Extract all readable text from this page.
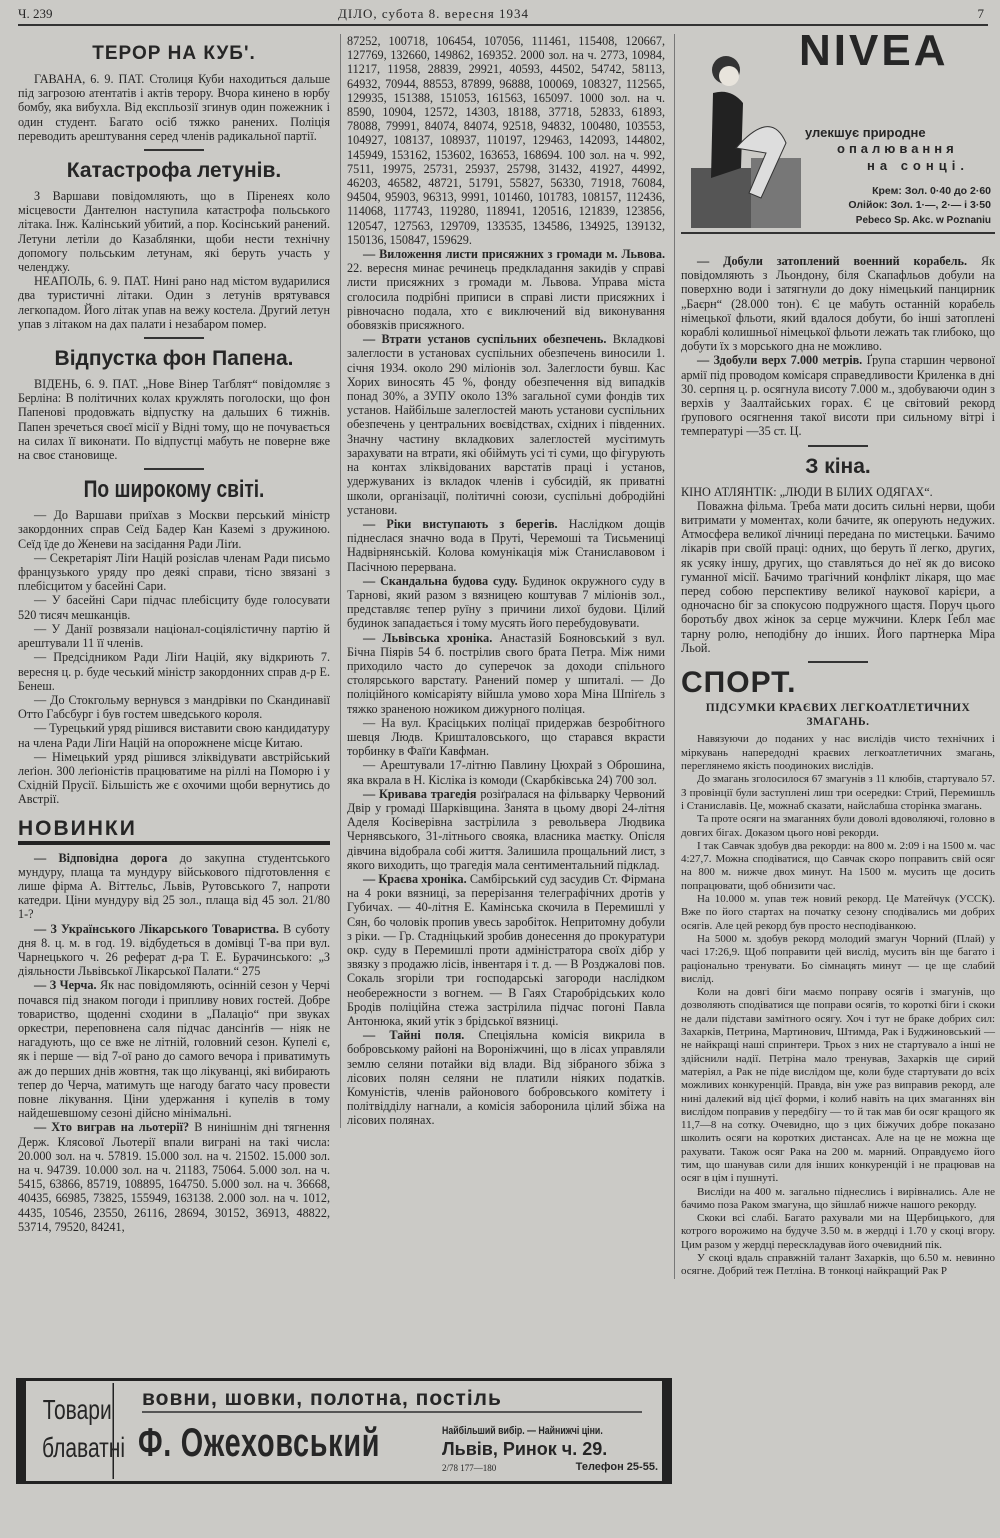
Ч. 239	ДІЛО, субота 8. вересня 1934	7
ТЕРОР НА КУБ'.

ГАВАНА, 6. 9. ПАТ. Столиця Куби находиться дальше під загрозою атентатів і актів терору. Вчора кинено в юрбу бомбу, яка вибухла. Від експльозії згинув один пожежник і один студент. Багато осіб тяжко ранених. Поліція переводить арештування серед членів радикальної партії.

Катастрофа летунів.

З Варшави повідомляють, що в Піренеях коло місцевости Дантелюн наступила катастрофа польського літака. Інж. Калінський убитий, а пор. Косінський ранений. Летуни летіли до Казаблянки, щоби нести технічну допомогу польським летунам, які беруть участь у челенджу.

НЕАПОЛЬ, 6. 9. ПАТ. Нині рано над містом вударилися два туристичні літаки. Один з летунів врятувався легкопадом. Його літак упав на вежу костела. Другий летун упав з літаком на дах палати і незабаром помер.

Відпустка фон Папена.

ВІДЕНЬ, 6. 9. ПАТ. „Нове Вінер Таґблят“ повідомляє з Берліна: В політичних колах кружлять поголоски, що фон Папенові продовжать відпустку на дальших 6 тижнів. Папен зречеться своєї місії у Відні тому, що не почувається на силах її виконати. По відпустці мабуть не поверне вже на своє становище.

По широкому світі.

— До Варшави приїхав з Москви перський міністр закордонних справ Сеїд Бадер Кан Каземі з дружиною. Сеїд їде до Женеви на засідання Ради Ліґи.

— Секретаріят Ліґи Націй розіслав членам Ради письмо французького уряду про деякі справи, тісно звязані з плебісцитом у басейні Сари.

— У басейні Сари підчас плебісциту буде голосувати 520 тисяч мешканців.

— У Данії розвязали націонал-соціялістичну партію й арештували 11 її членів.

— Предсідником Ради Ліґи Націй, яку відкриють 7. вересня ц. р. буде чеський міністр закордонних справ д-р Е. Бенеш.

— До Стокгольму вернувся з мандрівки по Скандинавії Отто Габсбург і був гостем шведського короля.

— Турецький уряд рішився виставити свою кандидатуру на члена Ради Ліґи Націй на опорожнене місце Китаю.

— Німецький уряд рішився зліквідувати австрійський леґіон. 300 леґіоністів працюватиме на ріллі на Поморю і у Східній Прусії. Більшість же є охочими щоби вернутись до Австрії.

НОВИНКИ

— Відповідна дорога до закупна студентського мундуру, плаща та мундуру військового підготовлення є лише фірма А. Віттельс, Львів, Рутовського 7, напроти катедри. Ціни мундуру від 25 зол., плаща від 45 зол. 21/80 1-?

— З Українського Лікарського Товариства. В суботу дня 8. ц. м. в год. 19. відбудеться в домівці Т-ва при вул. Чарнецького ч. 26 реферат д-ра Т. Е. Бурачинського: „З діяльности Львівської Лікарської Палати.“ 275

— З Черча. Як нас повідомляють, осінній сезон у Черчі почався під знаком погоди і припливу нових гостей. Добре товариство, щоденні сходини в „Палаціо“ при звуках оркестри, переповнена саля підчас дансінґів — ніяк не нагадують, що се вже не літній, головний сезон. Купелі є, як і перше — від 7-ої рано до самого вечора і приватимуть аж до перших днів жовтня, так що лікуванці, які вибирають тепер до Черча, матимуть ще нагоду багато часу провести повне лікування. Ціни удержання і купелів в тому найдешевшому сезоні дійсно мінімальні.

— Хто виграв на льотерії? В нинішнім дні тягнення Держ. Клясової Льотерії впали виграні на такі числа: 20.000 зол. на ч. 57819. 15.000 зол. на ч. 21502. 15.000 зол. на ч. 94739. 10.000 зол. на ч. 21183, 75064. 5.000 зол. на ч. 5415, 63866, 85719, 108895, 164750. 5.000 зол. на ч. 36668, 40435, 66985, 73825, 155949, 163138. 2.000 зол. на ч. 1012, 4435, 10546, 23550, 26116, 28694, 30152, 36913, 48822, 53714, 79520, 84241,

87252, 100718, 106454, 107056, 111461, 115408, 120667, 127769, 132660, 149862, 169352. 2000 зол. на ч. 2773, 10984, 11217, 11958, 28839, 29921, 40593, 44502, 54742, 58113, 64932, 70944, 88553, 87899, 96888, 100069, 108327, 112565, 129935, 151388, 151053, 161563, 165097. 1000 зол. на ч. 8590, 10904, 12572, 14303, 18188, 37718, 52833, 61893, 78088, 79991, 84074, 84074, 92518, 94832, 100480, 103553, 104927, 108137, 108937, 110197, 129463, 142093, 144802, 145949, 153162, 153602, 163653, 168694. 100 зол. на ч. 992, 7511, 19975, 25731, 25937, 25798, 31432, 41927, 44992, 46203, 46582, 48721, 51791, 55827, 56330, 71918, 76084, 94504, 95903, 96313, 9991, 101460, 101783, 108157, 112436, 114068, 117743, 119280, 118941, 120516, 121839, 123856, 120547, 127563, 129709, 133535, 134586, 134925, 139132, 150136, 150847, 159629.

— Виложення листи присяжних з громади м. Львова. 22. вересня минає речинець предкладання закидів у справі листи присяжних з громади м. Львова. Управа міста сголосила подрібні приписи в справі листи присяжних і рівночасно подала, хто є виключений від виконування обовязків присяжного.

— Втрати установ суспільних обезпечень. Вкладкові залеглости в установах суспільних обезпечень виносили 1. січня 1934. около 290 міліонів зол. Залеглости бувш. Кас Хорих виносять 45 %, фонду обезпечення від випадків понад 30%, а ЗУПУ около 13% загальної суми фондів тих установ. Найбільше залеглостей мають установи суспільних обезпечень у центральних воєвідствах, східних і південних. Значну частину вкладкових залеглостей мусітимуть зарахувати на втрати, які обіймуть усі ті суми, що фігурують на контах зліквідованих варстатів праці і установ, удержуваних із вкладок членів і субсидій, як приватні школи, організації, політичні союзи, суспільні добродійні установи.

— Ріки виступають з берегів. Наслідком дощів піднеслася значно вода в Пруті, Черемоші та Тисьмениці Надвірнянській. Колова комунікація між Станиславовом і Пасічною перервана.

— Скандальна будова суду. Будинок окружного суду в Тарнові, який разом з вязницею коштував 7 міліонів зол., представляє тепер руїну з причини лихої будови. Цілий будинок западається і тому мусять його перебудовувати.

— Львівська хроніка. Анастазій Бояновський з вул. Бічна Піярів 54 б. пострілив свого брата Петра. Між ними приходило часто до суперечок за доходи спільного столярського варстату. Ранений помер у шпиталі. — До поліційного комісаріяту війшла умово хора Міна Шпіґель з тяжко зраненою ножиком дижурного поліцая.

— На вул. Красіцьких поліцаї придержав безробітного шевця Людв. Кришталовського, що старався вкрасти торбинку в Фаїґи Кавфман.

— Арештували 17-літню Павлину Цюхрай з Оброшина, яка вкрала в Н. Кісліка із комоди (Скарбківська 24) 700 зол.

— Кривава трагедія розіґралася на фільварку Червоний Двір у громаді Шарківщина. Занята в цьому дворі 24-літня Аделя Косіверівна застрілила з револьвера Людвика Чернявського, 31-літнього свояка, власника маєтку. Опісля дівчина відобрала собі життя. Залишила прощальний лист, з якого виходить, що трагедія мала сентиментальний підклад.

— Краєва хроніка. Самбірський суд засудив Ст. Фірмана на 4 роки вязниці, за перерізання телеграфічних дротів у Губичах. — 40-літня Е. Камінська скочила в Перемишлі у Сян, бо чоловік пропив увесь заробіток. Непритомну добули з ріки. — Гр. Стадніцький зробив донесення до прокуратури окр. суду в Перемишлі проти адміністратора своїх дібр у звязку з продажю лісів, інвентаря і т. д. — В Розджалові пов. Сокаль згоріли три господарські загороди наслідком необережности з вогнем. — В Гаях Старобрідських коло Бродів поліційна стежа застрілила підчас погоні Павла Антонюка, який утік з брідської вязниці.

— Тайні поля. Спеціяльна комісія викрила в бобровському районі на Вороніжчині, що в лісах управляли землю селяни потайки від влади. Від зібраного збіжа з лісових полян селяни не платили ніяких податків. Комуністів, членів районового бобровського комітету і політвідділу нагнали, а комісія заборонила цілий збіжа на лісових полянах.

NIVEA
улекшує природне
опалювання
на сонці.
Крем: Зол. 0·40 до 2·60
Олійок: Зол. 1·—, 2·— і 3·50
Pebeco Sp. Akc. w Poznaniu

— Добули затоплений военний корабель. Як повідомляють з Льондону, біля Скапафльов добули на поверхню води і затягнули до доку німецький панцирник „Баєрн“ (28.000 тон). Є це мабуть останній корабель німецької фльоти, який вдалося добути, бо інші затоплені кораблі колишньої німецької фльоти лежать так глибоко, що добути їх з морського дна не можливо.

— Здобули верх 7.000 метрів. Ґрупа старшин червоної армії під проводом комісаря справедливости Криленка в дні 30. серпня ц. р. осягнула висоту 7.000 м., здобуваючи один з верхів у Заалтайських горах. Є це світовий рекорд ґрупового осягнення такої висоти при сильному вітрі і температурі —35 ст. Ц.

З кіна.

КІНО АТЛЯНТІК: „ЛЮДИ В БІЛИХ ОДЯГАХ“.

Поважна фільма. Треба мати досить сильні нерви, щоби витримати у моментах, коли бачите, як оперують недужих. Атмосфера великої лічниці передана по мистецьки. Бачимо лікарів при своїй праці: одних, що беруть її легко, других, як усяку іншу, других, що ставляться до неї як до високо гуманної місії. Бачимо трагічний конфлікт лікаря, що має перед собою перспективу великої наукової карієри, а одночасно біг за спокусою подружного щастя. Поруч цього боротьбу двох жінок за серце мужчини. Клерк Ґебл має тарну ролю, неподібну до інших. Його партнерка Міра Льой.

СПОРТ.
ПІДСУМКИ КРАЄВИХ ЛЕГКОАТЛЕТИЧНИХ ЗМАГАНЬ.

Навязуючи до поданих у нас вислідів чисто технічних і міркувань напередодні краєвих легкоатлетичних змагань, переглянемо якість поодиноких вислідів.

До змагань зголосилося 67 змагунів з 11 клюбів, стартувало 57. З провінції були заступлені лиш три осередки: Стрий, Перемишль і Станиславів. Це, можнаб сказати, найслабша сторінка змагань.

Та проте осяги на змаганнях були доволі вдоволяючі, головно в довгих бігах. Доказом цього нові рекорди.

І так Савчак здобув два рекорди: на 800 м. 2:09 і на 1500 м. час 4:27,7. Можна сподіватися, що Савчак скоро поправить свій осяг на 800 м. нижче двох минут. На 1500 м. мусить ще досить попрацювати, щоб обнизити час.

На 10.000 м. упав теж новий рекорд. Це Матейчук (УССК). Вже по його стартах на початку сезону сподівались ми добрих осягів. Але цей рекорд був просто несподіванкою.

На 5000 м. здобув рекорд молодий змагун Чорний (Плай) у часі 17:26,9. Щоб поправити цей вислід, мусить він ще багато і раціонально тренувати. Бо сімнацять минут — це ще слабий вислід.

Коли на довгі біги маємо поправу осягів і змагунів, що дозволяють сподіватися ще поправи осягів, то короткі біги і скоки не дали підстави замітного осягу. Хоч і тут не браке добрих сил: Захарків, Петрина, Мартинович, Штимда, Рак і Буджиновський — не найкращі наші спринтери. Трьох з них не стартувало а інші не здійснили надії. Петріна мало тренував, Захарків ще сирий матеріял, а Рак не піде вислідом ще, коли буде стартувати до всіх можливих конкуренцій. Правда, він уже раз виправив рекорд, але нині далекий від цієї форми, і колиб навіть на цих змаганнях він вислідом поправив у передбігу — то й так мав би осяг кращого як 11,7—8 на сотку. Очевидно, що з цих біжучих добре показано школить осяги на коротких дистансах. Але на це не можна ще рахувати. Також осяг Рака на 200 м. марний. Оправдуємо його тим, що шанував сили для інших конкуренцій і не працював на осяг в цім і пушнуті.

Висліди на 400 м. загально піднеслись і вирівнались. Але не бачимо поза Раком змагуна, що зйшлаб нижче нашого рекорду.

Скоки всі слабі. Багато рахували ми на Щербицького, для котрого ворожимо на будуче 3.50 м. в жердці і 1.70 у скоці вгору. Цим разом у жердці перескладував його очевидний пік.

У скоці вдаль справжній талант Захарків, що 6.50 м. невинно осягне. Добрий теж Петлінa. В тонкоці найкращий Рак Р

Товари блаватні
вовни, шовки, полотна, постіль
Ф. Ожеховський	Найбільший вибір. — Найнижчі ціни.
Львів, Ринок ч. 29.
2/78 177—180	Телефон 25-55.
